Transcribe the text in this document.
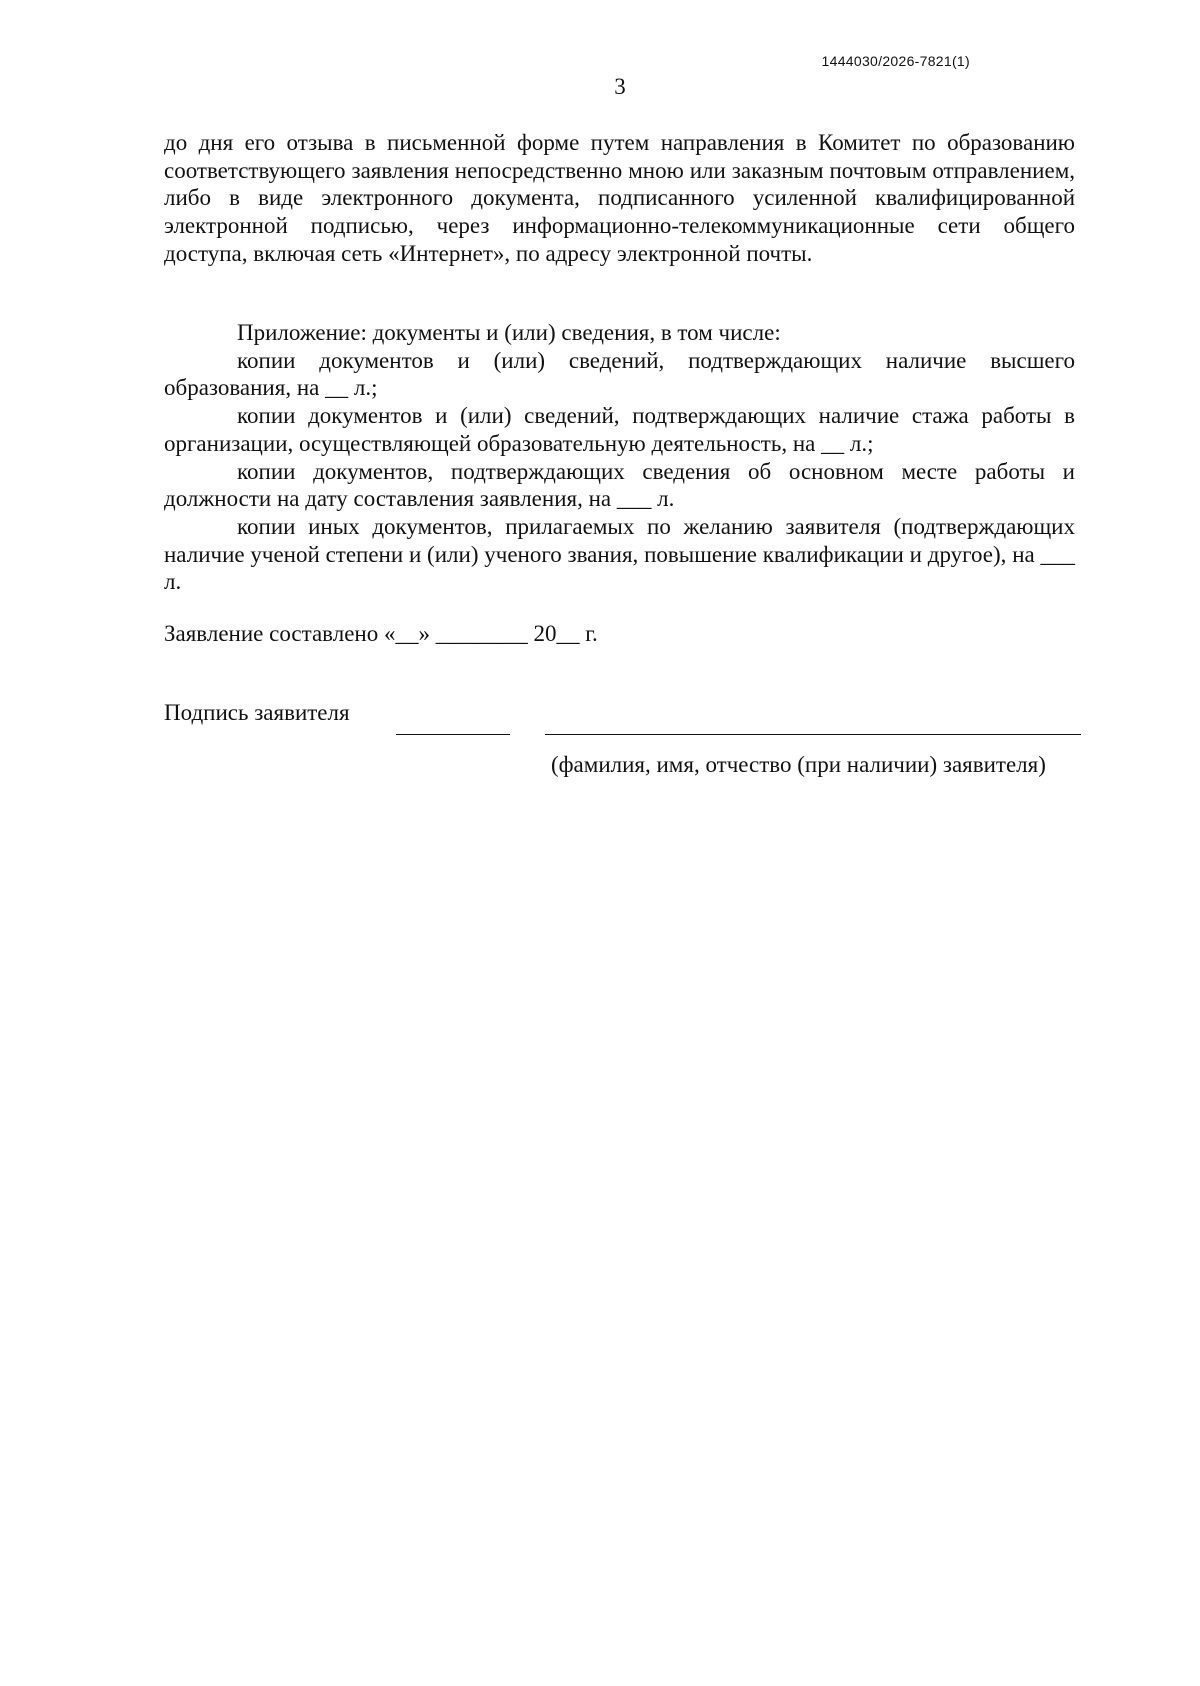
1444030/2026-7821(1)
3
до дня его отзыва в письменной форме путем направления в Комитет по образованию соответствующего заявления непосредственно мною или заказным почтовым отправлением, либо в виде электронного документа, подписанного усиленной квалифицированной электронной подписью, через информационно-телекоммуникационные сети общего доступа, включая сеть «Интернет», по адресу электронной почты.

Приложение: документы и (или) сведения, в том числе:

копии документов и (или) сведений, подтверждающих наличие высшего образования, на __ л.;

копии документов и (или) сведений, подтверждающих наличие стажа работы в организации, осуществляющей образовательную деятельность, на __ л.;

копии документов, подтверждающих сведения об основном месте работы и должности на дату составления заявления, на ___ л.

копии иных документов, прилагаемых по желанию заявителя (подтверждающих наличие ученой степени и (или) ученого звания, повышение квалификации и другое), на ___ л.

Заявление составлено «__» ________ 20__ г.
Подпись заявителя
(фамилия, имя, отчество (при наличии) заявителя)
